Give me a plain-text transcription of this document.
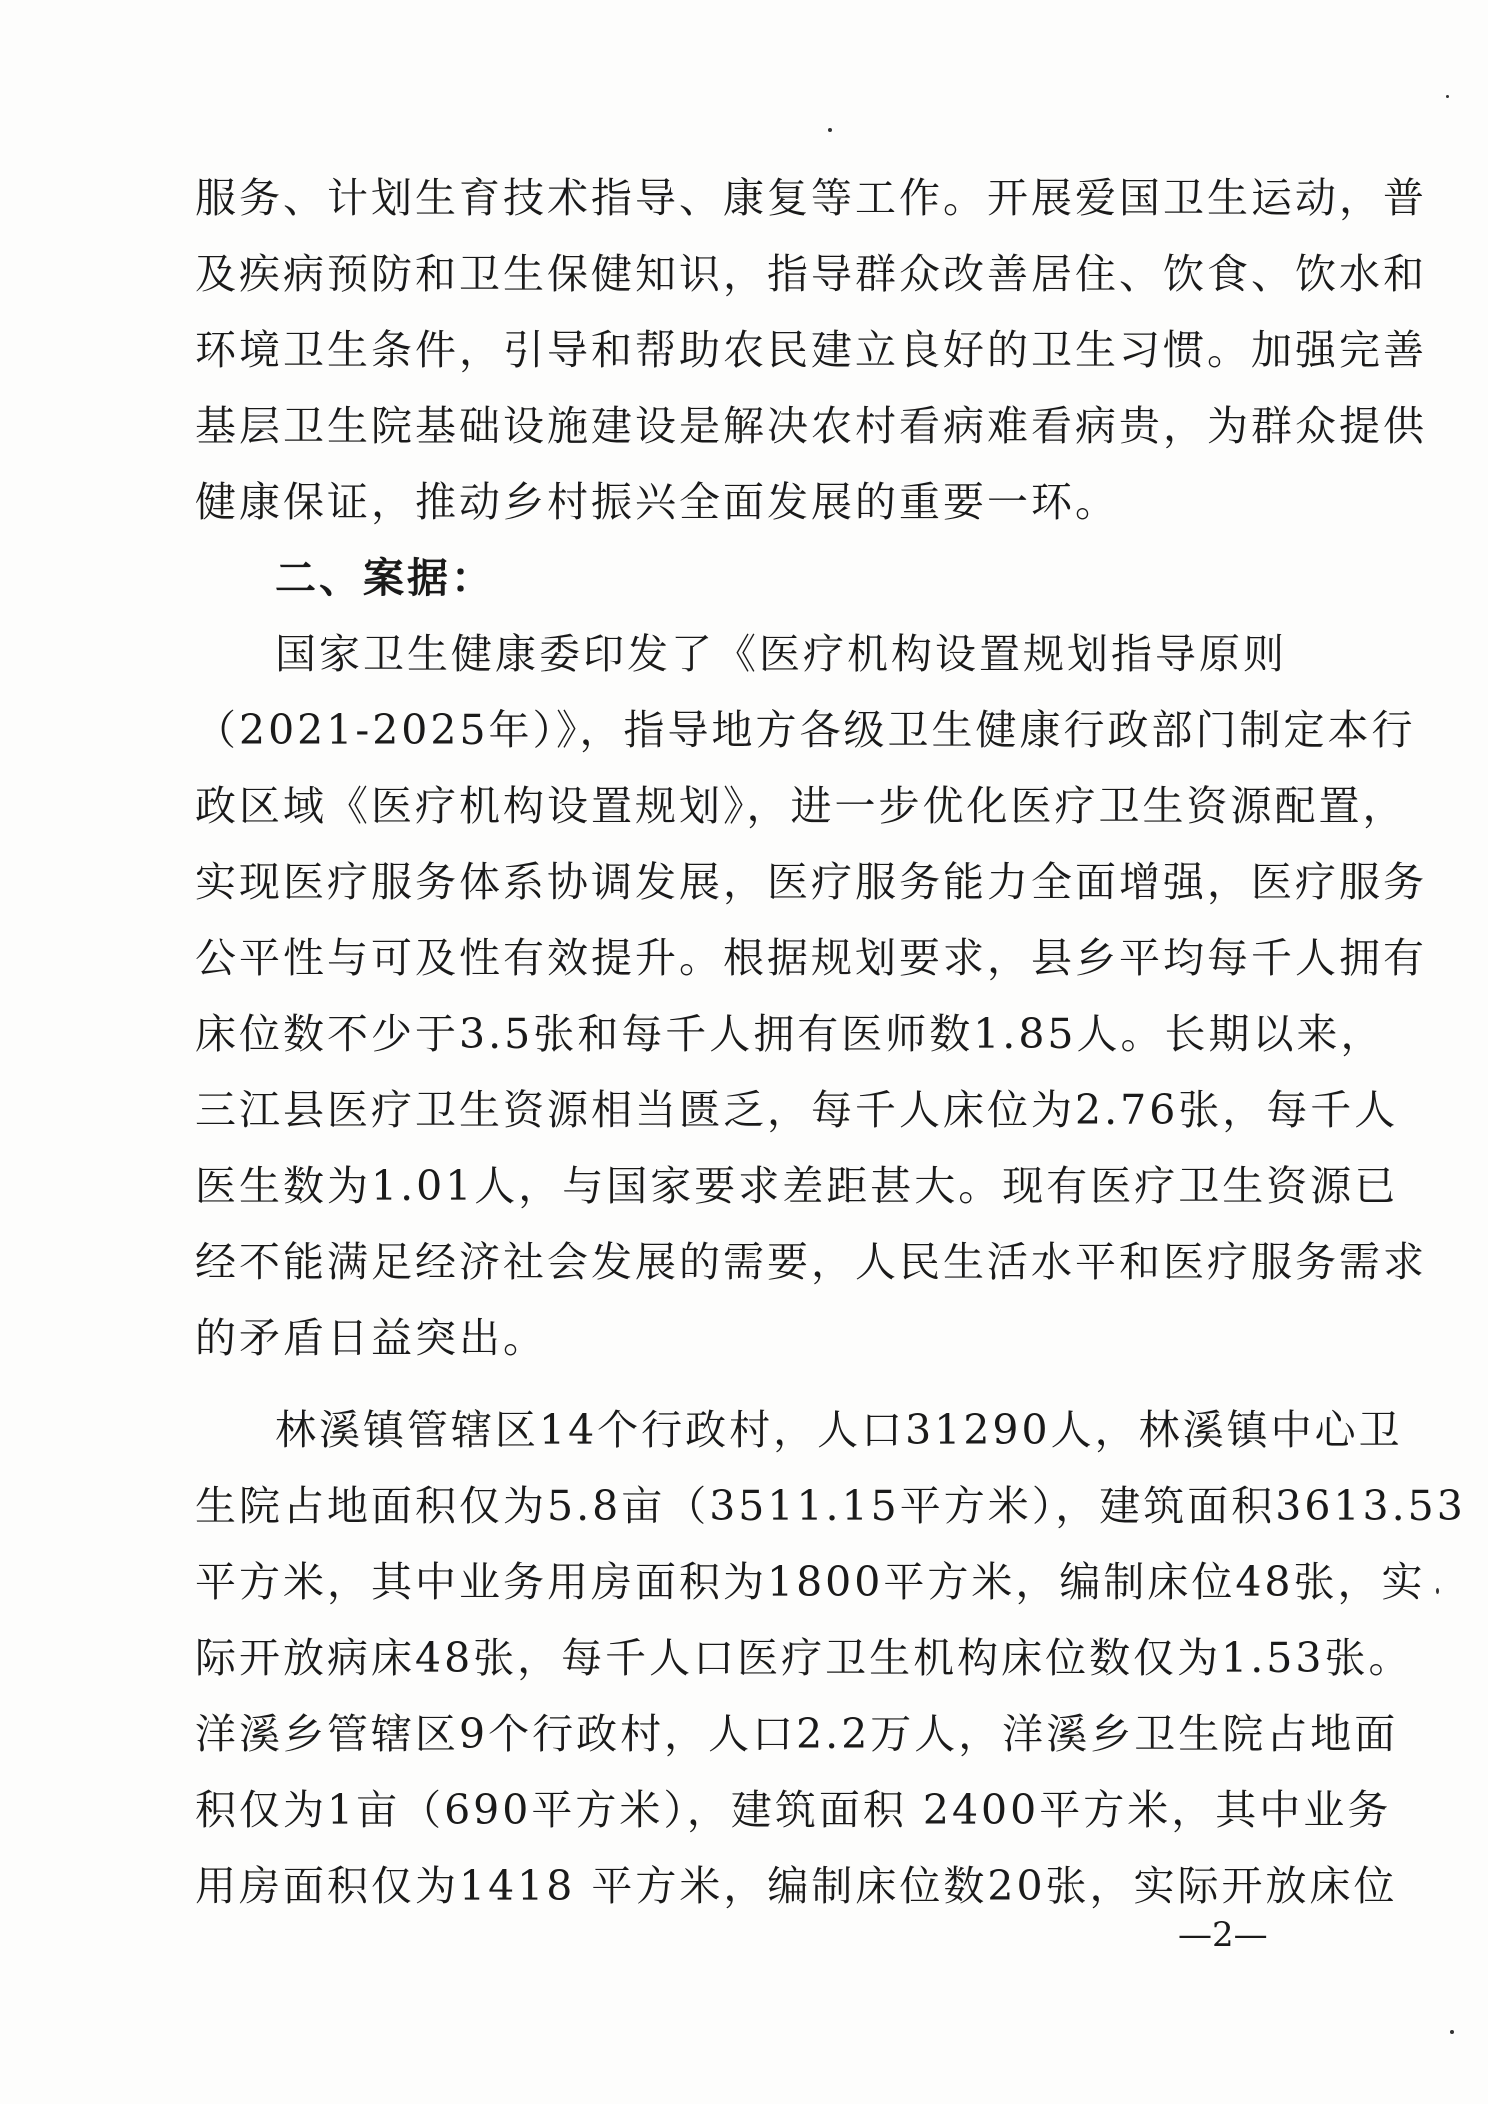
服务、计划生育技术指导、康复等工作。开展爱国卫生运动，普
及疾病预防和卫生保健知识，指导群众改善居住、饮食、饮水和
环境卫生条件，引导和帮助农民建立良好的卫生习惯。加强完善
基层卫生院基础设施建设是解决农村看病难看病贵，为群众提供
健康保证，推动乡村振兴全面发展的重要一环。
二、案据：
国家卫生健康委印发了《医疗机构设置规划指导原则
（2021-2025年）》，指导地方各级卫生健康行政部门制定本行
政区域《医疗机构设置规划》，进一步优化医疗卫生资源配置，
实现医疗服务体系协调发展，医疗服务能力全面增强，医疗服务
公平性与可及性有效提升。根据规划要求，县乡平均每千人拥有
床位数不少于3.5张和每千人拥有医师数1.85人。长期以来，
三江县医疗卫生资源相当匮乏，每千人床位为2.76张，每千人
医生数为1.01人，与国家要求差距甚大。现有医疗卫生资源已
经不能满足经济社会发展的需要，人民生活水平和医疗服务需求
的矛盾日益突出。
林溪镇管辖区14个行政村，人口31290人，林溪镇中心卫
生院占地面积仅为5.8亩（3511.15平方米），建筑面积3613.53
平方米，其中业务用房面积为1800平方米，编制床位48张，实
际开放病床48张，每千人口医疗卫生机构床位数仅为1.53张。
洋溪乡管辖区9个行政村，人口2.2万人，洋溪乡卫生院占地面
积仅为1亩（690平方米），建筑面积 2400平方米，其中业务
用房面积仅为1418 平方米，编制床位数20张，实际开放床位
—2—
